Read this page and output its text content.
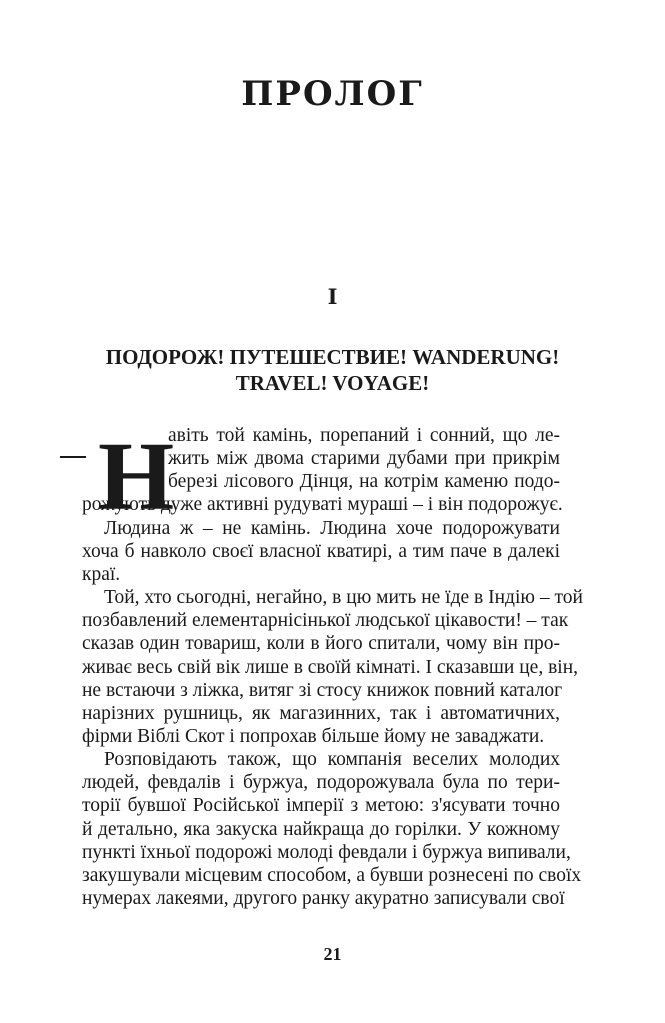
ПРОЛОГ
I
ПОДОРОЖ! ПУТЕШЕСТВИЕ! WANDERUNG!
TRAVEL! VOYAGE!
Н
авіть той камінь, порепаний і сонний, що ле-
жить між двома старими дубами при прикрім
березі лісового Дінця, на котрім каменю подо-
рожують дуже активні рудуваті мураші – і він подорожує.
Людина ж – не камінь. Людина хоче подорожувати
хоча б навколо своєї власної кватирі, а тим паче в далекі
краї.
Той, хто сьогодні, негайно, в цю мить не їде в Індію – той
позбавлений елементарнісінької людської цікавости! – так
сказав один товариш, коли в його спитали, чому він про-
живає весь свій вік лише в своїй кімнаті. І сказавши це, він,
не встаючи з ліжка, витяг зі стосу книжок повний каталог
нарізних рушниць, як магазинних, так і автоматичних,
фірми Віблі Скот і попрохав більше йому не заваджати.
Розповідають також, що компанія веселих молодих
людей, февдалів і буржуа, подорожувала була по тери-
торії бувшої Російської імперії з метою: з'ясувати точно
й детально, яка закуска найкраща до горілки. У кожному
пункті їхньої подорожі молоді февдали і буржуа випивали,
закушували місцевим способом, а бувши рознесені по своїх
нумерах лакеями, другого ранку акуратно записували свої
21
